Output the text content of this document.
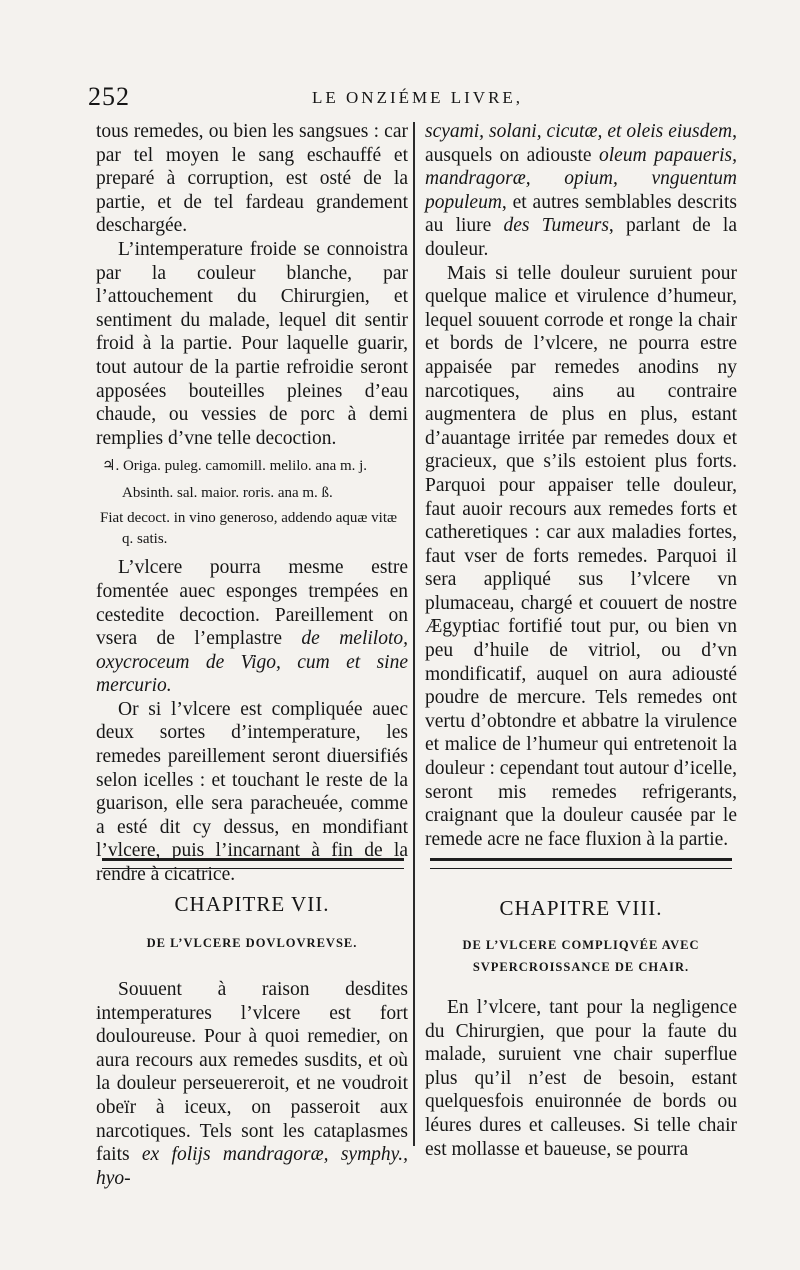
252	LE ONZIÉME LIVRE,

tous remedes, ou bien les sangsues : car par tel moyen le sang eschauffé et preparé à corruption, est osté de la partie, et de tel fardeau grandement deschargée.

L’intemperature froide se connoistra par la couleur blanche, par l’attouchement du Chirurgien, et sentiment du malade, lequel dit sentir froid à la partie. Pour laquelle guarir, tout autour de la partie refroidie seront apposées bouteilles pleines d’eau chaude, ou vessies de porc à demi remplies d’vne telle decoction.

♃. Origa. puleg. camomill. melilo. ana m. j.

Absinth. sal. maior. roris. ana m. ß.

Fiat decoct. in vino generoso, addendo aquæ vitæ q. satis.

L’vlcere pourra mesme estre fomentée auec esponges trempées en cestedite decoction. Pareillement on vsera de l’emplastre de meliloto, oxycroceum de Vigo, cum et sine mercurio.

Or si l’vlcere est compliquée auec deux sortes d’intemperature, les remedes pareillement seront diuersifiés selon icelles : et touchant le reste de la guarison, elle sera paracheuée, comme a esté dit cy dessus, en mondifiant l’vlcere, puis l’incarnant à fin de la rendre à cicatrice.

CHAPITRE VII.
DE L’VLCERE DOVLOVREVSE.

Souuent à raison desdites intemperatures l’vlcere est fort douloureuse. Pour à quoi remedier, on aura recours aux remedes susdits, et où la douleur perseuereroit, et ne voudroit obeïr à iceux, on passeroit aux narcotiques. Tels sont les cataplasmes faits ex folijs mandragoræ, symphy., hyo-

scyami, solani, cicutæ, et oleis eiusdem, ausquels on adiouste oleum papaueris, mandragoræ, opium, vnguentum populeum, et autres semblables descrits au liure des Tumeurs, parlant de la douleur.

Mais si telle douleur suruient pour quelque malice et virulence d’humeur, lequel souuent corrode et ronge la chair et bords de l’vlcere, ne pourra estre appaisée par remedes anodins ny narcotiques, ains au contraire augmentera de plus en plus, estant d’auantage irritée par remedes doux et gracieux, que s’ils estoient plus forts. Parquoi pour appaiser telle douleur, faut auoir recours aux remedes forts et catheretiques : car aux maladies fortes, faut vser de forts remedes. Parquoi il sera appliqué sus l’vlcere vn plumaceau, chargé et couuert de nostre Ægyptiac fortifié tout pur, ou bien vn peu d’huile de vitriol, ou d’vn mondificatif, auquel on aura adiousté poudre de mercure. Tels remedes ont vertu d’obtondre et abbatre la virulence et malice de l’humeur qui entretenoit la douleur : cependant tout autour d’icelle, seront mis remedes refrigerants, craignant que la douleur causée par le remede acre ne face fluxion à la partie.

CHAPITRE VIII.
DE L’VLCERE COMPLIQVÉE AVEC SVPERCROISSANCE DE CHAIR.

En l’vlcere, tant pour la negligence du Chirurgien, que pour la faute du malade, suruient vne chair superflue plus qu’il n’est de besoin, estant quelquesfois enuironnée de bords ou léures dures et calleuses. Si telle chair est mollasse et baueuse, se pourra
